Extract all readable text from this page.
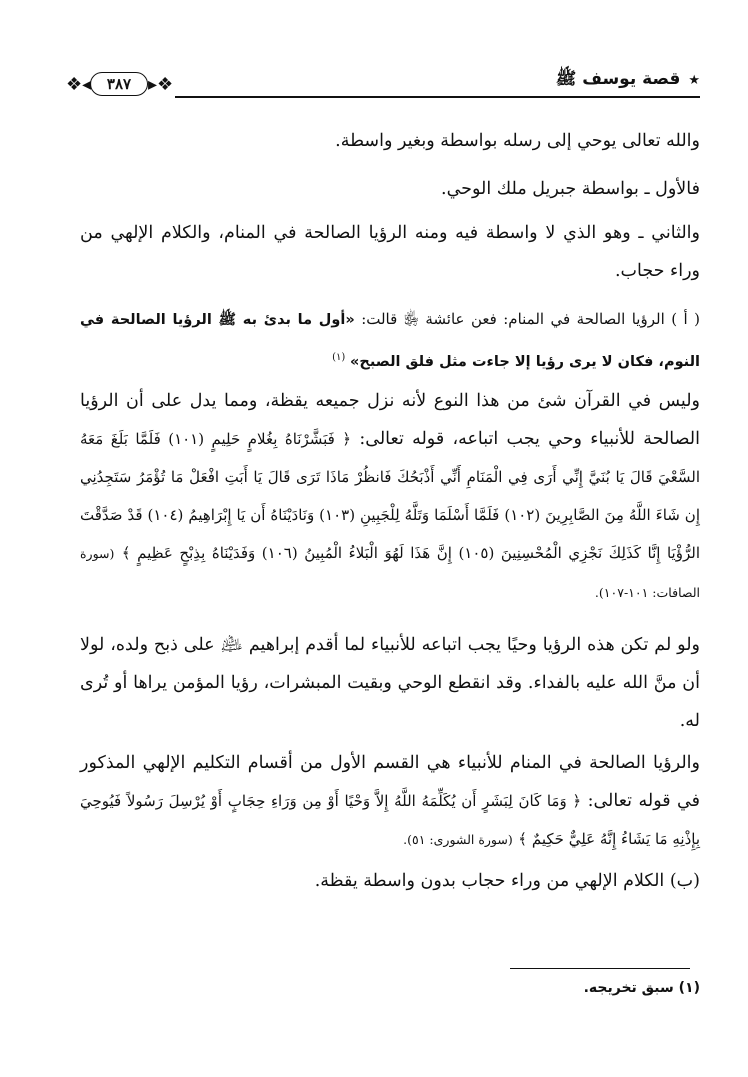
★قصة يوسف ﷺ
❖◂	٣٨٧ ▸❖
والله تعالى يوحي إلى رسله بواسطة وبغير واسطة.
فالأول ـ بواسطة جبريل ملك الوحي.
والثاني ـ وهو الذي لا واسطة فيه ومنه الرؤيا الصالحة في المنام، والكلام الإلهي من وراء حجاب.
( أ ) الرؤيا الصالحة في المنام: فعن عائشة ﵂ قالت: «أول ما بدئ به ﷺ الرؤيا الصالحة في النوم، فكان لا يرى رؤيا إلا جاءت مثل فلق الصبح» $^{(١)}$
وليس في القرآن شئ من هذا النوع لأنه نزل جميعه يقظة، ومما يدل على أن الرؤيا الصالحة للأنبياء وحي يجب اتباعه، قوله تعالى: ﴿ فَبَشَّرْنَاهُ بِغُلامٍ حَلِيمٍ (١٠١) فَلَمَّا بَلَغَ مَعَهُ السَّعْيَ قَالَ يَا بُنَيَّ إِنِّي أَرَى فِي الْمَنَامِ أَنِّي أَذْبَحُكَ فَانظُرْ مَاذَا تَرَى قَالَ يَا أَبَتِ افْعَلْ مَا تُؤْمَرُ سَتَجِدُنِي إِن شَاءَ اللَّهُ مِنَ الصَّابِرِينَ (١٠٢) فَلَمَّا أَسْلَمَا وَتَلَّهُ لِلْجَبِينِ (١٠٣) وَنَادَيْنَاهُ أَن يَا إِبْرَاهِيمُ (١٠٤) قَدْ صَدَّقْتَ الرُّؤْيَا إِنَّا كَذَلِكَ نَجْزِي الْمُحْسِنِينَ (١٠٥) إِنَّ هَذَا لَهُوَ الْبَلاءُ الْمُبِينُ (١٠٦) وَفَدَيْنَاهُ بِذِبْحٍ عَظِيمٍ ﴾ (سورة الصافات: ١٠١-١٠٧).
ولو لم تكن هذه الرؤيا وحيًا يجب اتباعه للأنبياء لما أقدم إبراهيم ﵇ على ذبح ولده، لولا أن منَّ الله عليه بالفداء. وقد انقطع الوحي وبقيت المبشرات، رؤيا المؤمن يراها أو تُرى له.
والرؤيا الصالحة في المنام للأنبياء هي القسم الأول من أقسام التكليم الإلهي المذكور في قوله تعالى: ﴿ وَمَا كَانَ لِبَشَرٍ أَن يُكَلِّمَهُ اللَّهُ إِلاَّ وَحْيًا أَوْ مِن وَرَاءِ حِجَابٍ أَوْ يُرْسِلَ رَسُولاً فَيُوحِيَ بِإِذْنِهِ مَا يَشَاءُ إِنَّهُ عَلِيٌّ حَكِيمٌ ﴾ (سورة الشورى: ٥١).
(ب) الكلام الإلهي من وراء حجاب بدون واسطة يقظة.
(١) سبق تخريجه.
